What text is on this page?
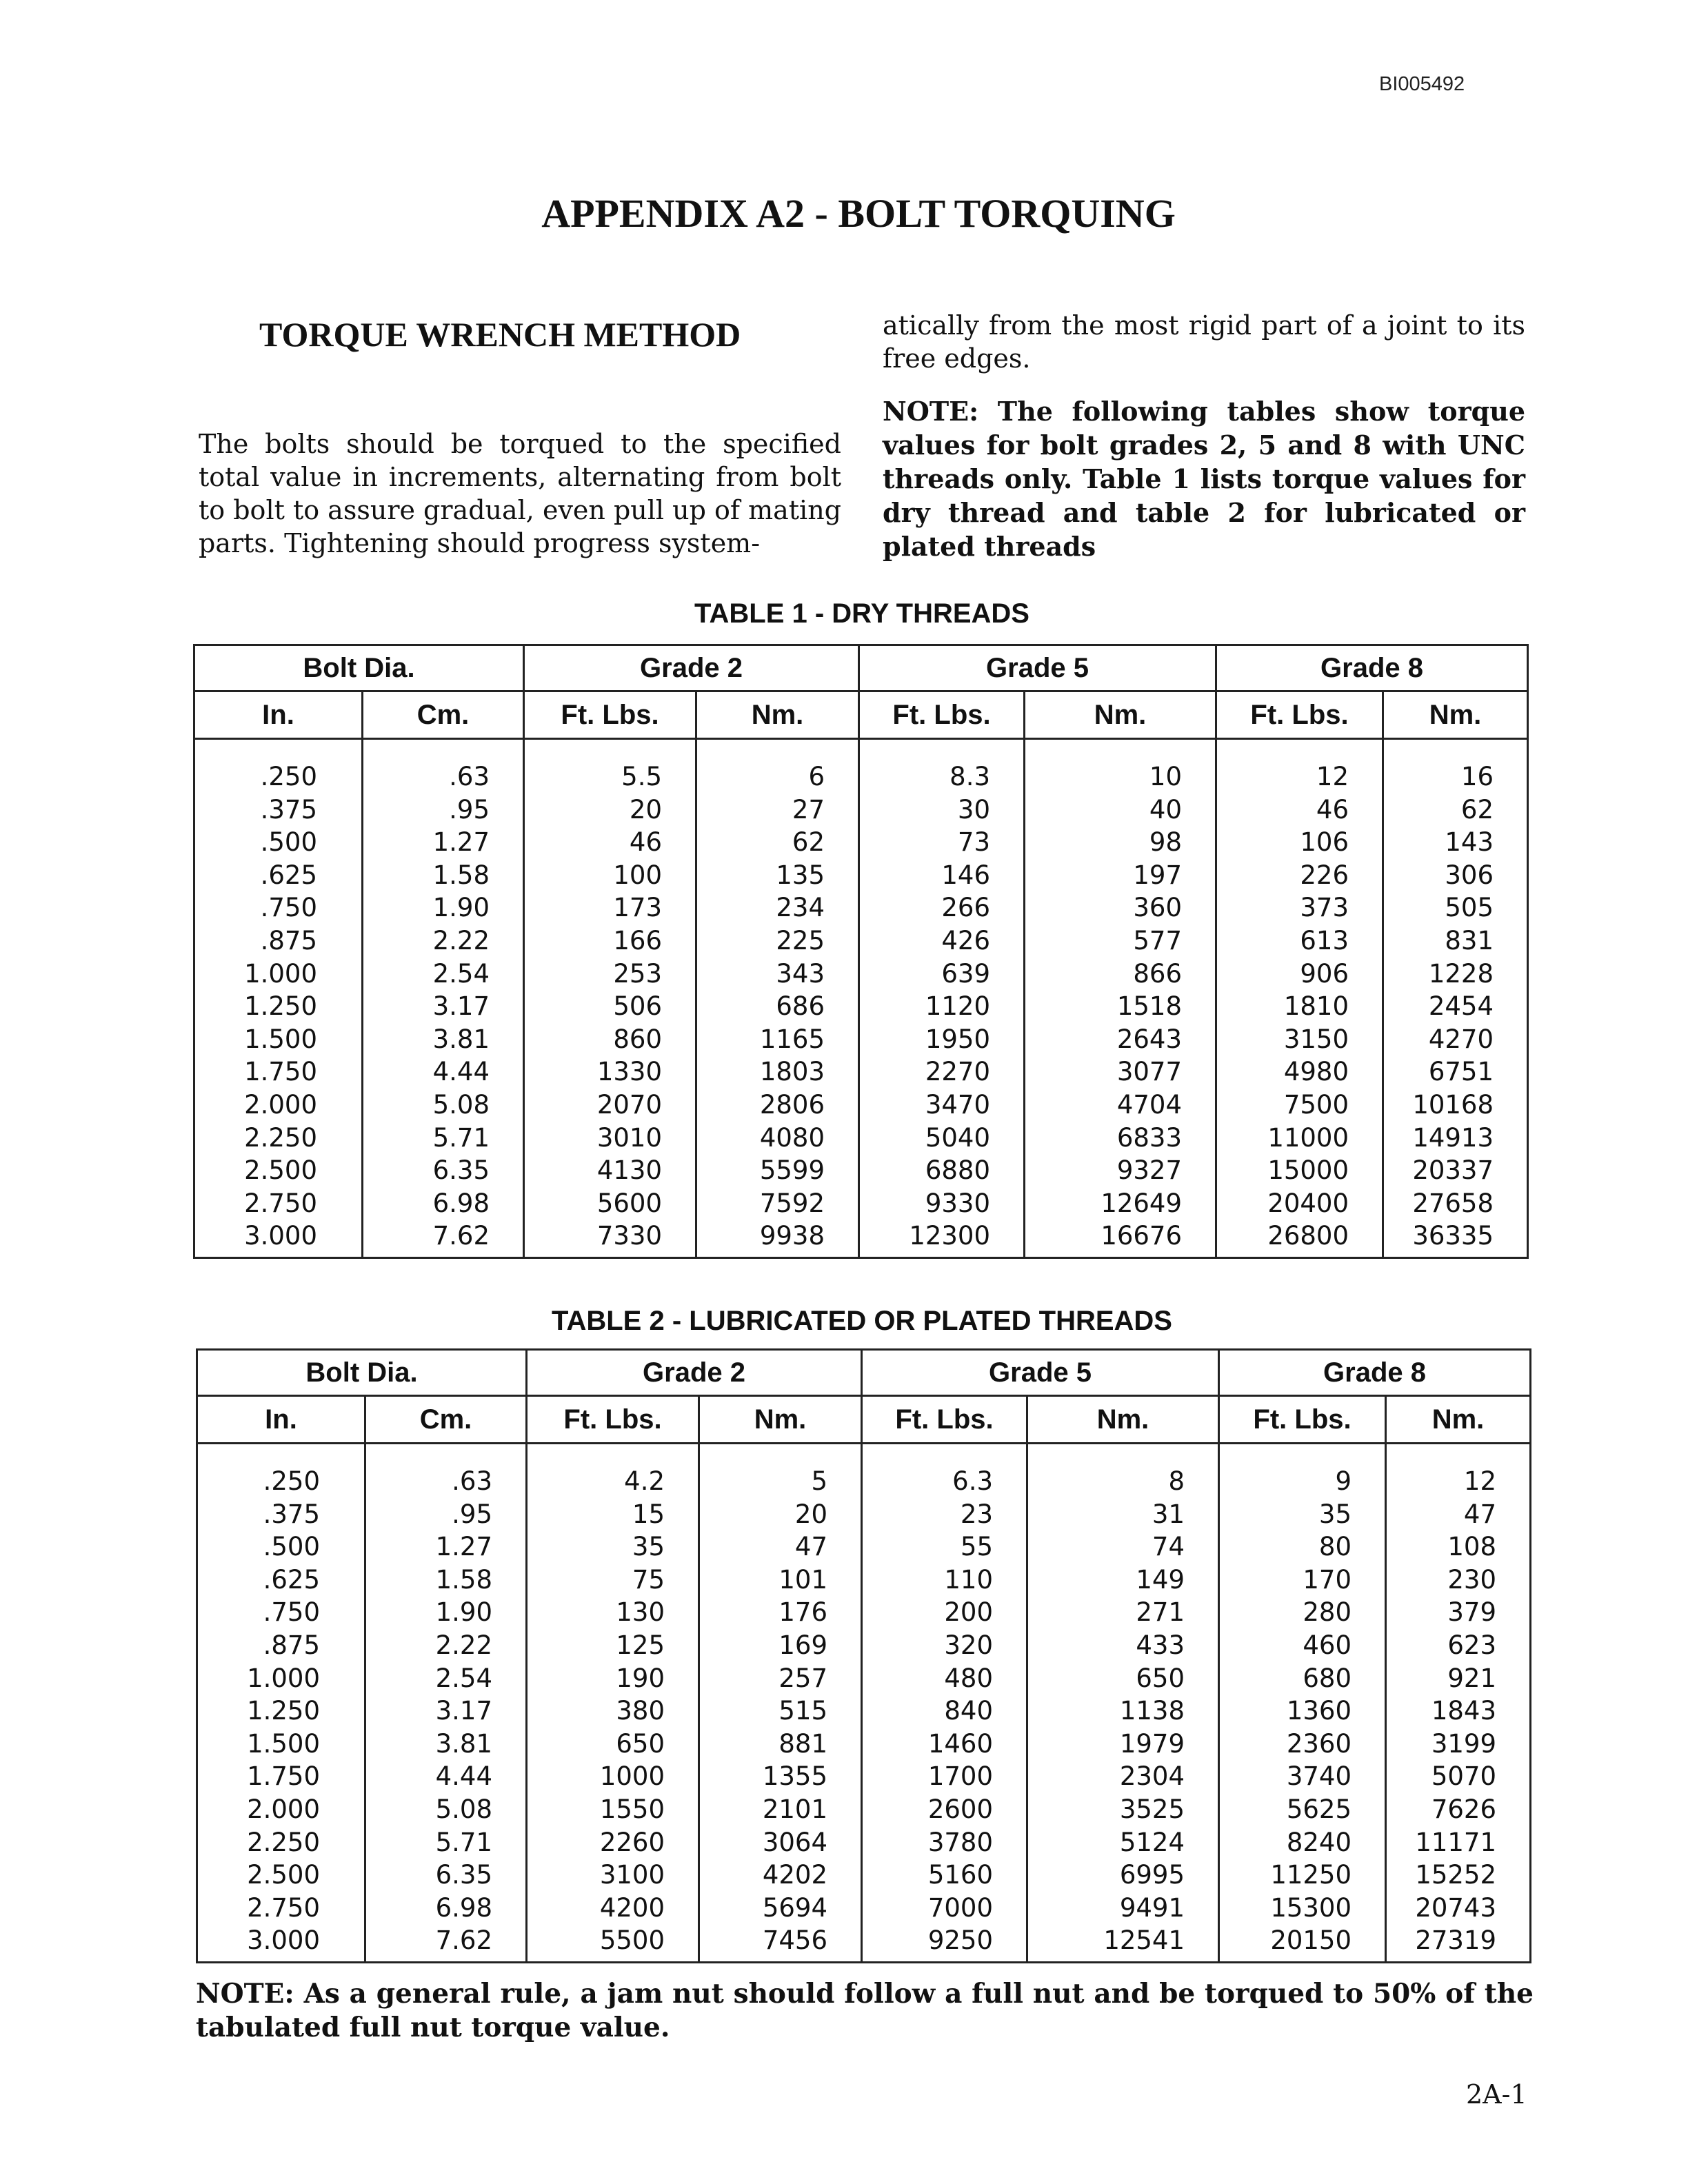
BI005492
APPENDIX A2 - BOLT TORQUING
TORQUE WRENCH METHOD
The bolts should be torqued to the specified total value in increments, alternating from bolt to bolt to assure gradual, even pull up of mating parts. Tightening should progress system-
atically from the most rigid part of a joint to its free edges.
NOTE: The following tables show torque values for bolt grades 2, 5 and 8 with UNC threads only. Table 1 lists torque values for dry thread and table 2 for lubricated or plated threads
TABLE 1 - DRY THREADS
Bolt Dia.		Grade 2		Grade 5		Grade 8	
In.	Cm.	Ft. Lbs.	Nm.	Ft. Lbs.	Nm.	Ft. Lbs.	Nm.

.250	.63	5.5	6	8.3	10	12	16
.375	.95	20	27	30	40	46	62
.500	1.27	46	62	73	98	106	143
.625	1.58	100	135	146	197	226	306
.750	1.90	173	234	266	360	373	505
.875	2.22	166	225	426	577	613	831
1.000	2.54	253	343	639	866	906	1228
1.250	3.17	506	686	1120	1518	1810	2454
1.500	3.81	860	1165	1950	2643	3150	4270
1.750	4.44	1330	1803	2270	3077	4980	6751
2.000	5.08	2070	2806	3470	4704	7500	10168
2.250	5.71	3010	4080	5040	6833	11000	14913
2.500	6.35	4130	5599	6880	9327	15000	20337
2.750	6.98	5600	7592	9330	12649	20400	27658
3.000	7.62	7330	9938	12300	16676	26800	36335
TABLE 2 - LUBRICATED OR PLATED THREADS
Bolt Dia.		Grade 2		Grade 5		Grade 8	
In.	Cm.	Ft. Lbs.	Nm.	Ft. Lbs.	Nm.	Ft. Lbs.	Nm.

.250	.63	4.2	5	6.3	8	9	12
.375	.95	15	20	23	31	35	47
.500	1.27	35	47	55	74	80	108
.625	1.58	75	101	110	149	170	230
.750	1.90	130	176	200	271	280	379
.875	2.22	125	169	320	433	460	623
1.000	2.54	190	257	480	650	680	921
1.250	3.17	380	515	840	1138	1360	1843
1.500	3.81	650	881	1460	1979	2360	3199
1.750	4.44	1000	1355	1700	2304	3740	5070
2.000	5.08	1550	2101	2600	3525	5625	7626
2.250	5.71	2260	3064	3780	5124	8240	11171
2.500	6.35	3100	4202	5160	6995	11250	15252
2.750	6.98	4200	5694	7000	9491	15300	20743
3.000	7.62	5500	7456	9250	12541	20150	27319
NOTE: As a general rule, a jam nut should follow a full nut and be torqued to 50% of the tabulated full nut torque value.
2A-1
